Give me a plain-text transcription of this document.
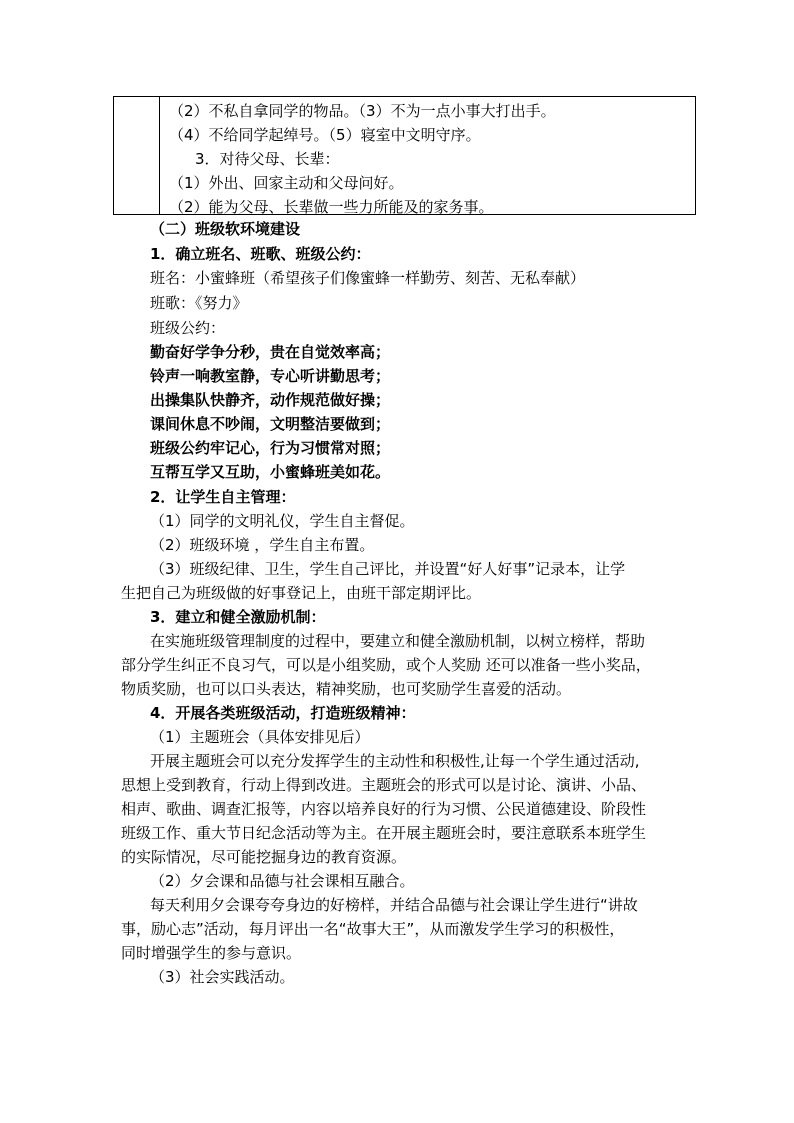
（2）不私自拿同学的物品。（3）不为一点小事大打出手。
（4）不给同学起绰号。（5）寝室中文明守序。
3．对待父母、长辈：
（1）外出、回家主动和父母问好。
（2）能为父母、长辈做一些力所能及的家务事。
（二）班级软环境建设
1．确立班名、班歌、班级公约：
班名：小蜜蜂班（希望孩子们像蜜蜂一样勤劳、刻苦、无私奉献）
班歌：《努力》
班级公约：
勤奋好学争分秒，贵在自觉效率高；
铃声一响教室静，专心听讲勤思考；
出操集队快静齐，动作规范做好操；
课间休息不吵闹，文明整洁要做到；
班级公约牢记心，行为习惯常对照；
互帮互学又互助，小蜜蜂班美如花。
2．让学生自主管理：
（1）同学的文明礼仪，学生自主督促。
（2）班级环境 ，学生自主布置。
（3）班级纪律、卫生，学生自己评比，并设置“好人好事”记录本，让学
生把自己为班级做的好事登记上，由班干部定期评比。
3．建立和健全激励机制：
在实施班级管理制度的过程中，要建立和健全激励机制，以树立榜样，帮助
部分学生纠正不良习气，可以是小组奖励，或个人奖励 还可以准备一些小奖品，
物质奖励，也可以口头表达，精神奖励，也可奖励学生喜爱的活动。
4．开展各类班级活动，打造班级精神：
（1）主题班会（具体安排见后）
开展主题班会可以充分发挥学生的主动性和积极性,让每一个学生通过活动,
思想上受到教育，行动上得到改进。主题班会的形式可以是讨论、演讲、小品、
相声、歌曲、调查汇报等，内容以培养良好的行为习惯、公民道德建设、阶段性
班级工作、重大节日纪念活动等为主。在开展主题班会时，要注意联系本班学生
的实际情况，尽可能挖掘身边的教育资源。
（2）夕会课和品德与社会课相互融合。
每天利用夕会课夸夸身边的好榜样，并结合品德与社会课让学生进行“讲故
事，励心志”活动，每月评出一名“故事大王”，从而激发学生学习的积极性，
同时增强学生的参与意识。
（3）社会实践活动。
